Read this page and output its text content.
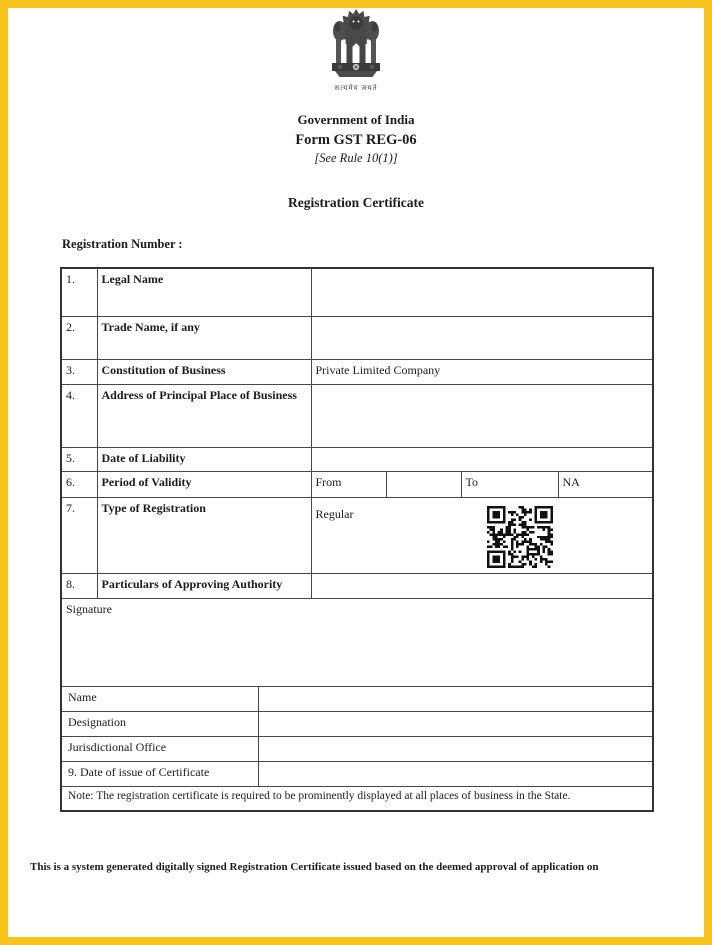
सत्यमेव जयते
Government of India
Form GST REG-06
[See Rule 10(1)]
Registration Certificate
Registration Number :
1.	Legal Name					
2.	Trade Name, if any					
3.	Constitution of Business		Private Limited Company			
4.	Address of Principal Place of Business					
5.	Date of Liability					
6.	Period of Validity		From		To	NA
7.	Type of Registration		Regular			

8.	Particulars of Approving Authority					
Signature						
Name						
Designation						
Jurisdictional Office						
9. Date of issue of Certificate						
Note: The registration certificate is required to be prominently displayed at all places of business in the State.						
This is a system generated digitally signed Registration Certificate issued based on the deemed approval of application on
